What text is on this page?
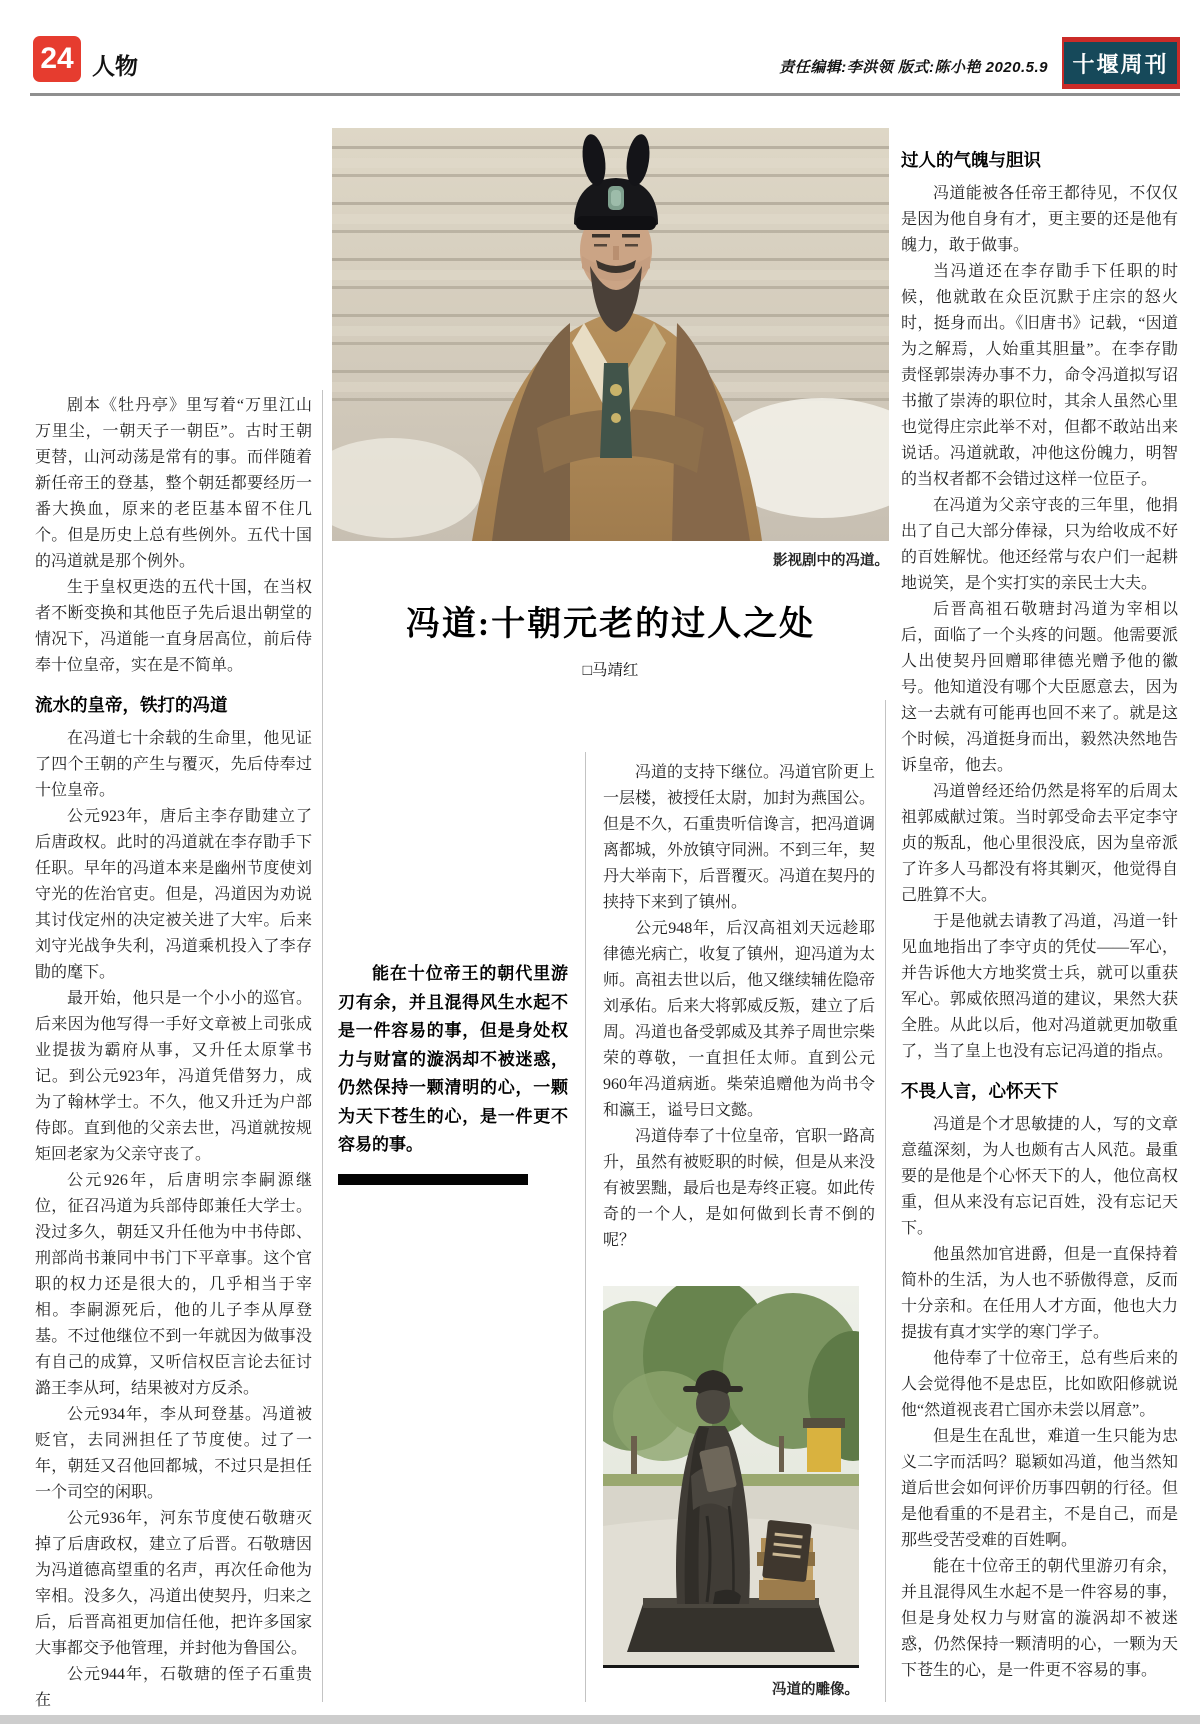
24 人物	责任编辑:李洪领 版式:陈小艳 2020.5.9	十堰周刊
影视剧中的冯道。
冯道:十朝元老的过人之处
□马靖红

剧本《牡丹亭》里写着“万里江山万里尘，一朝天子一朝臣”。古时王朝更替，山河动荡是常有的事。而伴随着新任帝王的登基，整个朝廷都要经历一番大换血，原来的老臣基本留不住几个。但是历史上总有些例外。五代十国的冯道就是那个例外。

生于皇权更迭的五代十国，在当权者不断变换和其他臣子先后退出朝堂的情况下，冯道能一直身居高位，前后侍奉十位皇帝，实在是不简单。

流水的皇帝，铁打的冯道

在冯道七十余载的生命里，他见证了四个王朝的产生与覆灭，先后侍奉过十位皇帝。

公元923年，唐后主李存勖建立了后唐政权。此时的冯道就在李存勖手下任职。早年的冯道本来是幽州节度使刘守光的佐治官吏。但是，冯道因为劝说其讨伐定州的决定被关进了大牢。后来刘守光战争失利，冯道乘机投入了李存勖的麾下。

最开始，他只是一个小小的巡官。后来因为他写得一手好文章被上司张成业提拔为霸府从事，又升任太原掌书记。到公元923年，冯道凭借努力，成为了翰林学士。不久，他又升迁为户部侍郎。直到他的父亲去世，冯道就按规矩回老家为父亲守丧了。

公元926年，后唐明宗李嗣源继位，征召冯道为兵部侍郎兼任大学士。没过多久，朝廷又升任他为中书侍郎、刑部尚书兼同中书门下平章事。这个官职的权力还是很大的，几乎相当于宰相。李嗣源死后，他的儿子李从厚登基。不过他继位不到一年就因为做事没有自己的成算，又听信权臣言论去征讨潞王李从珂，结果被对方反杀。

公元934年，李从珂登基。冯道被贬官，去同洲担任了节度使。过了一年，朝廷又召他回都城，不过只是担任一个司空的闲职。

公元936年，河东节度使石敬瑭灭掉了后唐政权，建立了后晋。石敬瑭因为冯道德高望重的名声，再次任命他为宰相。没多久，冯道出使契丹，归来之后，后晋高祖更加信任他，把许多国家大事都交予他管理，并封他为鲁国公。

公元944年，石敬瑭的侄子石重贵在

能在十位帝王的朝代里游刃有余，并且混得风生水起不是一件容易的事，但是身处权力与财富的漩涡却不被迷惑，仍然保持一颗清明的心，一颗为天下苍生的心，是一件更不容易的事。

冯道的支持下继位。冯道官阶更上一层楼，被授任太尉，加封为燕国公。但是不久，石重贵听信谗言，把冯道调离都城，外放镇守同洲。不到三年，契丹大举南下，后晋覆灭。冯道在契丹的挟持下来到了镇州。

公元948年，后汉高祖刘天远趁耶律德光病亡，收复了镇州，迎冯道为太师。高祖去世以后，他又继续辅佐隐帝刘承佑。后来大将郭威反叛，建立了后周。冯道也备受郭威及其养子周世宗柴荣的尊敬，一直担任太师。直到公元960年冯道病逝。柴荣追赠他为尚书令和瀛王，谥号曰文懿。

冯道侍奉了十位皇帝，官职一路高升，虽然有被贬职的时候，但是从来没有被罢黜，最后也是寿终正寝。如此传奇的一个人，是如何做到长青不倒的呢？

冯道的雕像。
过人的气魄与胆识

冯道能被各任帝王都待见，不仅仅是因为他自身有才，更主要的还是他有魄力，敢于做事。

当冯道还在李存勖手下任职的时候，他就敢在众臣沉默于庄宗的怒火时，挺身而出。《旧唐书》记载，“因道为之解焉，人始重其胆量”。在李存勖责怪郭崇涛办事不力，命令冯道拟写诏书撤了崇涛的职位时，其余人虽然心里也觉得庄宗此举不对，但都不敢站出来说话。冯道就敢，冲他这份魄力，明智的当权者都不会错过这样一位臣子。

在冯道为父亲守丧的三年里，他捐出了自己大部分俸禄，只为给收成不好的百姓解忧。他还经常与农户们一起耕地说笑，是个实打实的亲民士大夫。

后晋高祖石敬瑭封冯道为宰相以后，面临了一个头疼的问题。他需要派人出使契丹回赠耶律德光赠予他的徽号。他知道没有哪个大臣愿意去，因为这一去就有可能再也回不来了。就是这个时候，冯道挺身而出，毅然决然地告诉皇帝，他去。

冯道曾经还给仍然是将军的后周太祖郭威献过策。当时郭受命去平定李守贞的叛乱，他心里很没底，因为皇帝派了许多人马都没有将其剿灭，他觉得自己胜算不大。

于是他就去请教了冯道，冯道一针见血地指出了李守贞的凭仗——军心，并告诉他大方地奖赏士兵，就可以重获军心。郭威依照冯道的建议，果然大获全胜。从此以后，他对冯道就更加敬重了，当了皇上也没有忘记冯道的指点。

不畏人言，心怀天下

冯道是个才思敏捷的人，写的文章意蕴深刻，为人也颇有古人风范。最重要的是他是个心怀天下的人，他位高权重，但从来没有忘记百姓，没有忘记天下。

他虽然加官进爵，但是一直保持着简朴的生活，为人也不骄傲得意，反而十分亲和。在任用人才方面，他也大力提拔有真才实学的寒门学子。

他侍奉了十位帝王，总有些后来的人会觉得他不是忠臣，比如欧阳修就说他“然道视丧君亡国亦未尝以屑意”。

但是生在乱世，难道一生只能为忠义二字而活吗？聪颖如冯道，他当然知道后世会如何评价历事四朝的行径。但是他看重的不是君主，不是自己，而是那些受苦受难的百姓啊。

能在十位帝王的朝代里游刃有余，并且混得风生水起不是一件容易的事，但是身处权力与财富的漩涡却不被迷惑，仍然保持一颗清明的心，一颗为天下苍生的心，是一件更不容易的事。
